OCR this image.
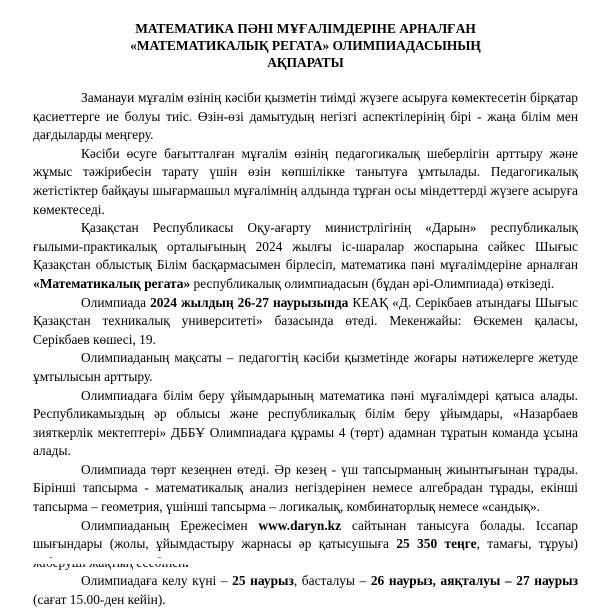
МАТЕМАТИКА ПӘНІ МҰҒАЛІМДЕРІНЕ АРНАЛҒАН
«МАТЕМАТИКАЛЫҚ РЕГАТА» ОЛИМПИАДАСЫНЫҢ
АҚПАРАТЫ

Заманауи мұғалім өзінің кәсіби қызметін тиімді жүзеге асыруға көмектесетін бірқатар қасиеттерге ие болуы тиіс. Өзін-өзі дамытудың негізгі аспектілерінің бірі - жаңа білім мен дағдыларды меңгеру.

Кәсіби өсуге бағытталған мұғалім өзінің педагогикалық шеберлігін арттыру және жұмыс тәжірибесін тарату үшін өзін көпшілікке танытуға ұмтылады. Педагогикалық жетістіктер байқауы шығармашыл мұғалімнің алдында тұрған осы міндеттерді жүзеге асыруға көмектеседі.

Қазақстан Республикасы Оқу-ағарту министрлігінің «Дарын» республикалық ғылыми-практикалық орталығының 2024 жылғы іс-шаралар жоспарына сәйкес Шығыс Қазақстан облыстық Білім басқармасымен бірлесіп, математика пәні мұғалімдеріне арналған «Математикалық регата» республикалық олимпиадасын (бұдан әрі-Олимпиада) өткізеді.

Олимпиада 2024 жылдың 26-27 наурызында КЕАҚ «Д. Серікбаев атындағы Шығыс Қазақстан техникалық университеті» базасында өтеді. Мекенжайы: Өскемен қаласы, Серікбаев көшесі, 19.

Олимпиаданың мақсаты – педагогтің кәсіби қызметінде жоғары нәтижелерге жетуде ұмтылысын арттыру.

Олимпиадаға білім беру ұйымдарының математика пәні мұғалімдері қатыса алады. Республикамыздың әр облысы және республикалық білім беру ұйымдары, «Назарбаев зияткерлік мектептері» ДББҰ Олимпиадаға құрамы 4 (төрт) адамнан тұратын команда ұсына алады.

Олимпиада төрт кезеңнен өтеді. Әр кезең - үш тапсырманың жиынтығынан тұрады. Бірінші тапсырма - математикалық анализ негіздерінен немесе алгебрадан тұрады, екінші тапсырма – геометрия, үшінші тапсырма – логикалық, комбинаторлық немесе «сандық».

Олимпиаданың Ережесімен www.daryn.kz сайтынан танысуға болады. Іссапар шығындары (жолы, ұйымдастыру жарнасы әр қатысушыға 25 350 теңге, тамағы, тұруы)

Олимпиадаға келу күні – 25 наурыз, басталуы – 26 наурыз, аяқталуы – 27 наурыз (сағат 15.00-ден кейін).
